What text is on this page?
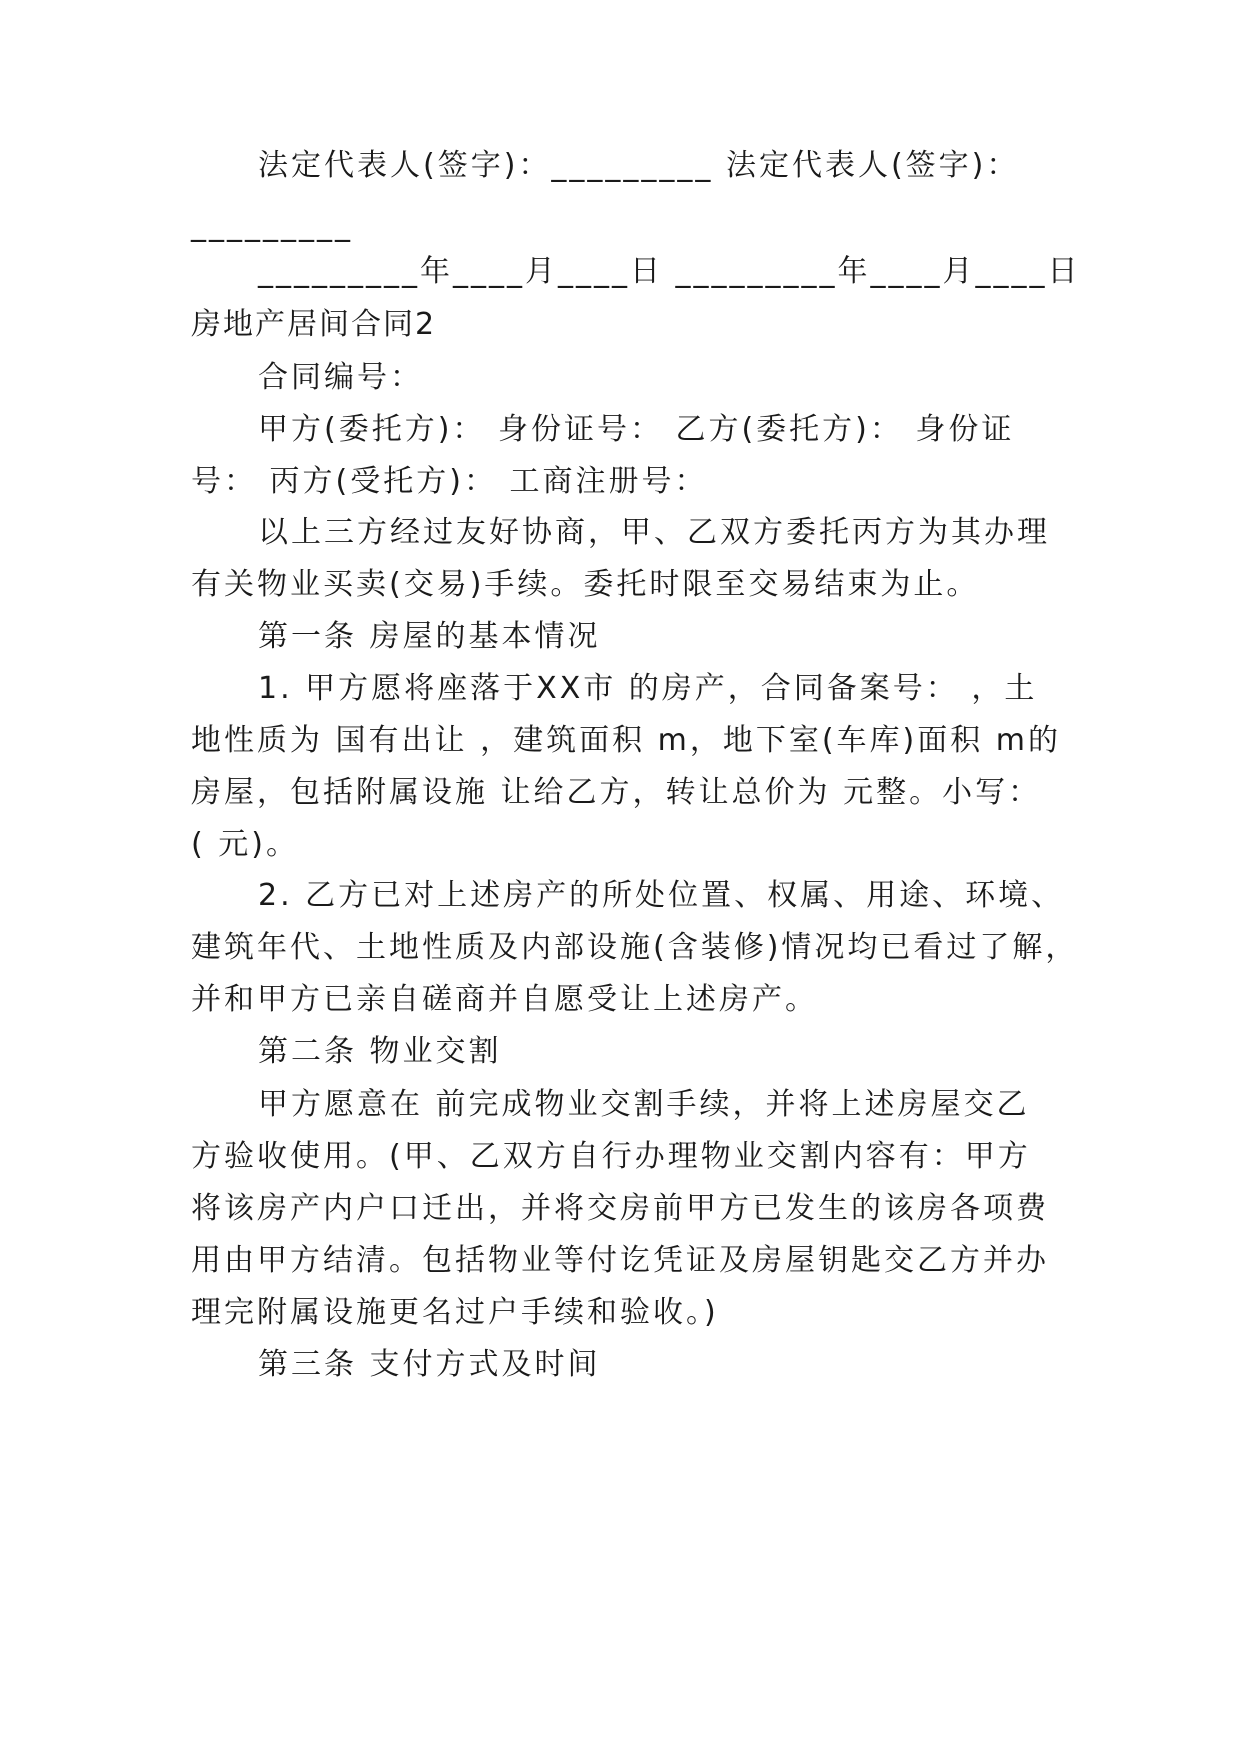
法定代表人(签字)：_________ 法定代表人(签字)：
_________
_________年____月____日 _________年____月____日
房地产居间合同2
合同编号：
甲方(委托方)： 身份证号： 乙方(委托方)： 身份证
号： 丙方(受托方)： 工商注册号：
以上三方经过友好协商，甲、乙双方委托丙方为其办理
有关物业买卖(交易)手续。委托时限至交易结束为止。
第一条 房屋的基本情况
1. 甲方愿将座落于XX市 的房产，合同备案号： ，土
地性质为 国有出让 ，建筑面积 m，地下室(车库)面积 m的
房屋，包括附属设施 让给乙方，转让总价为 元整。小写：
( 元)。
2. 乙方已对上述房产的所处位置、权属、用途、环境、
建筑年代、土地性质及内部设施(含装修)情况均已看过了解，
并和甲方已亲自磋商并自愿受让上述房产。
第二条 物业交割
甲方愿意在 前完成物业交割手续，并将上述房屋交乙
方验收使用。(甲、乙双方自行办理物业交割内容有：甲方
将该房产内户口迁出，并将交房前甲方已发生的该房各项费
用由甲方结清。包括物业等付讫凭证及房屋钥匙交乙方并办
理完附属设施更名过户手续和验收。)
第三条 支付方式及时间
